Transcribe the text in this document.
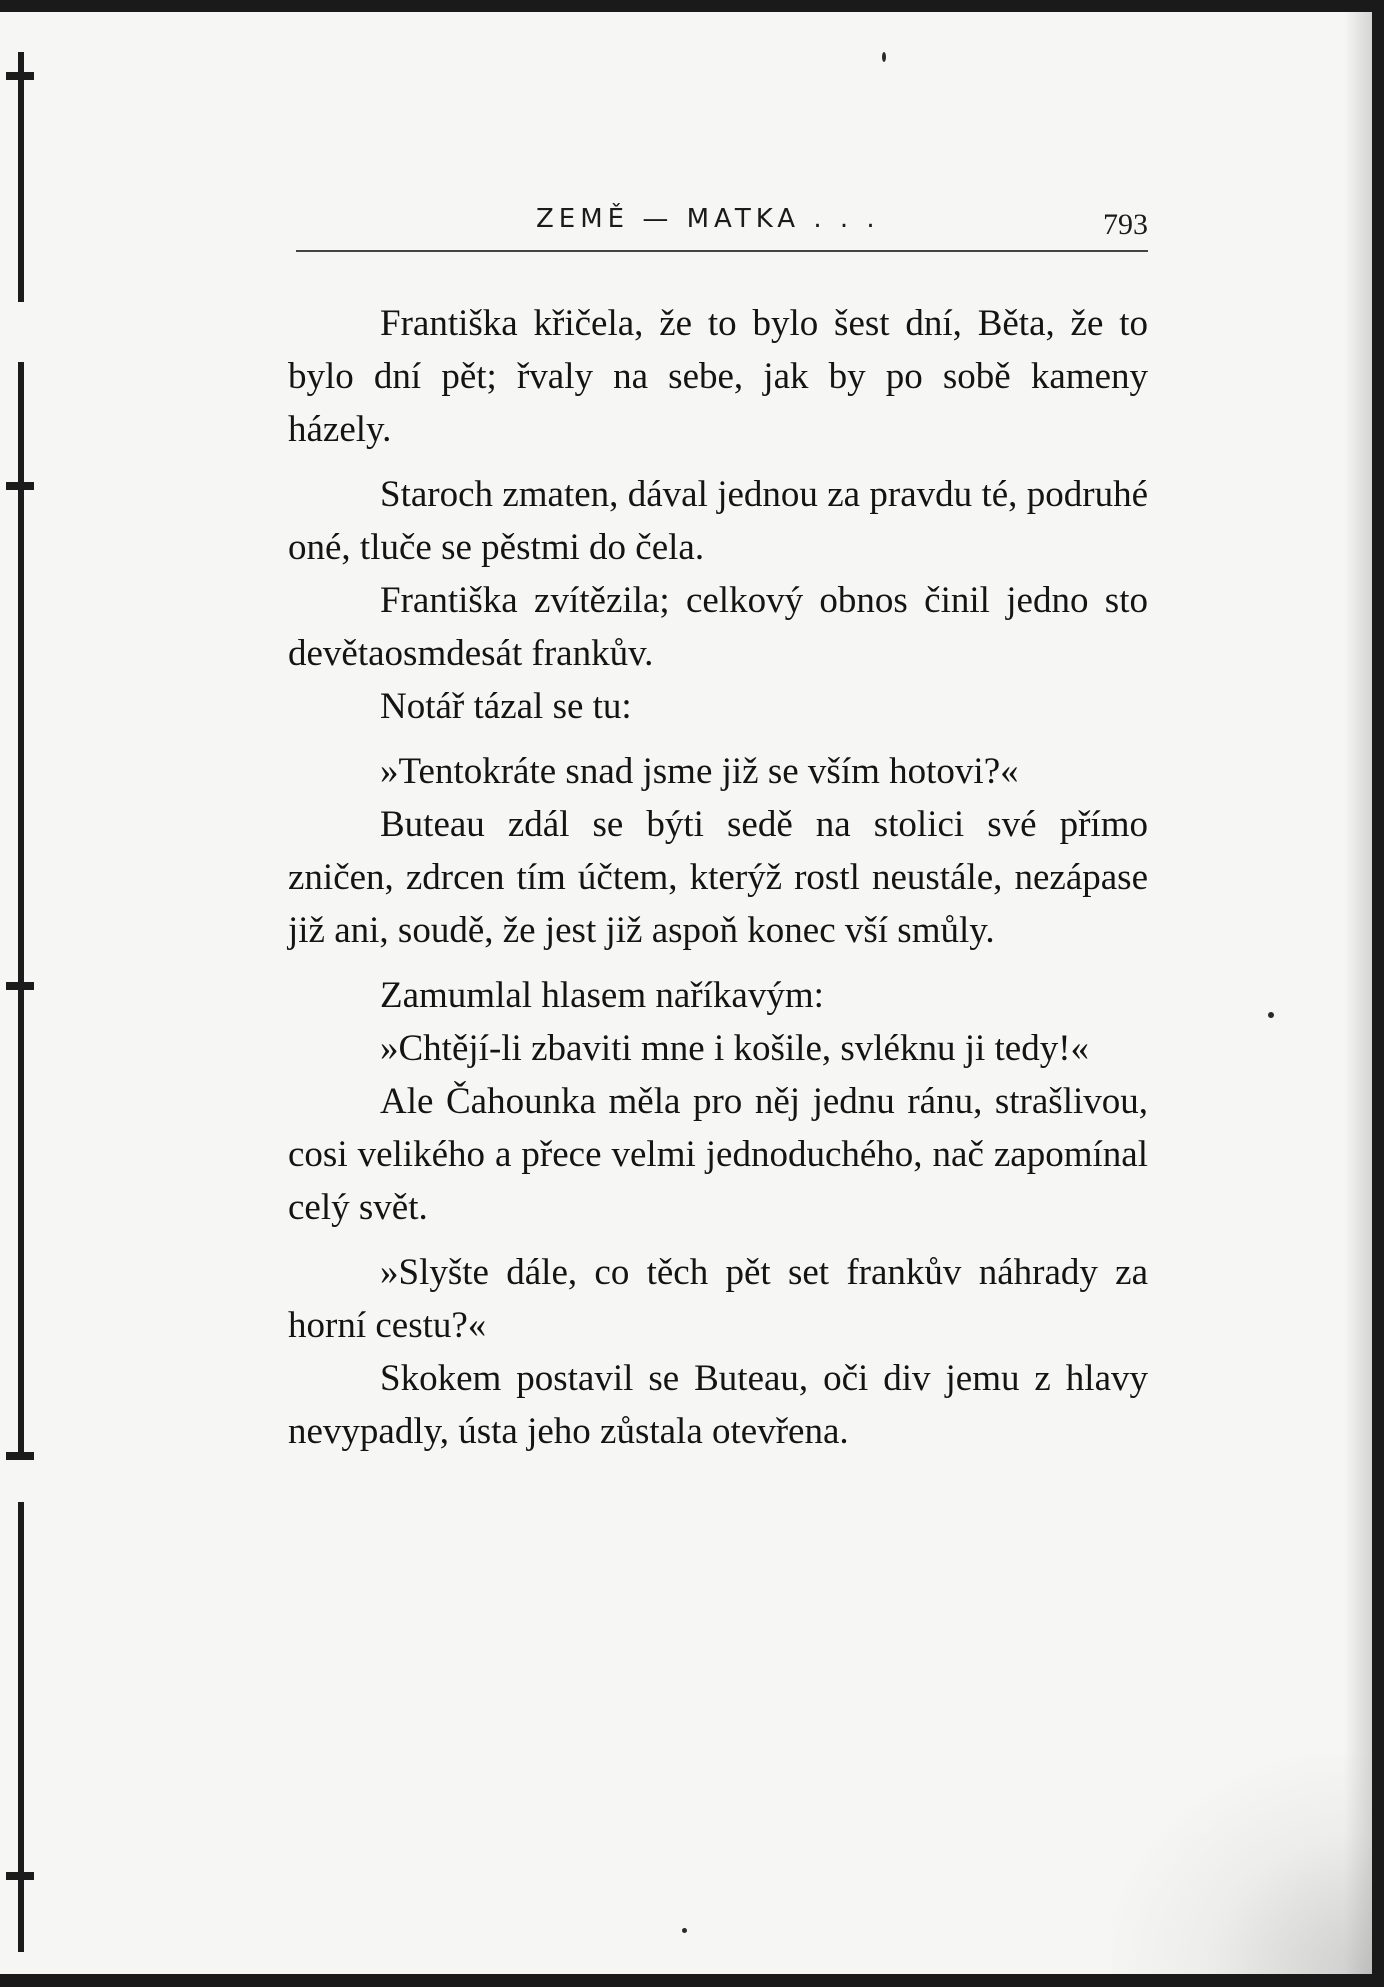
ZEMĚ — MATKA . . .	793

Františka křičela, že to bylo šest dní, Běta, že to bylo dní pět; řvaly na sebe, jak by po sobě kameny házely.

Staroch zmaten, dával jednou za pravdu té, podruhé oné, tluče se pěstmi do čela.

Františka zvítězila; celkový obnos činil jedno sto devětaosmdesát frankův.

Notář tázal se tu:

»Tentokráte snad jsme již se vším hotovi?«

Buteau zdál se býti sedě na stolici své přímo zničen, zdrcen tím účtem, kterýž rostl neustále, nezápase již ani, soudě, že jest již aspoň konec vší smůly.

Zamumlal hlasem naříkavým:

»Chtějí-li zbaviti mne i košile, svléknu ji tedy!«

Ale Čahounka měla pro něj jednu ránu, strašlivou, cosi velikého a přece velmi jednoduchého, nač zapomínal celý svět.

»Slyšte dále, co těch pět set frankův náhrady za horní cestu?«

Skokem postavil se Buteau, oči div jemu z hlavy nevypadly, ústa jeho zůstala otevřena.
